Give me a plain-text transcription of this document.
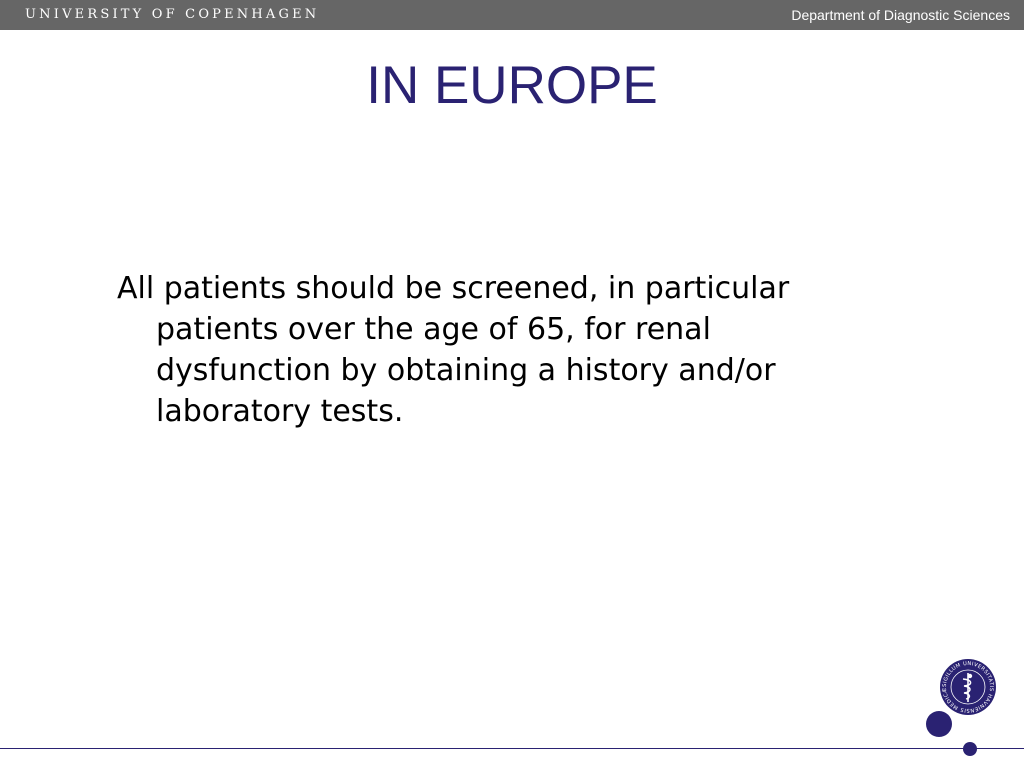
UNIVERSITY OF COPENHAGEN	Department of Diagnostic Sciences
IN EUROPE

All patients should be screened, in particular patients over the age of 65, for renal dysfunction by obtaining a history and/or laboratory tests.

SIGILLUM UNIVERSITATIS HAVNIENSIS MEDICÆ
